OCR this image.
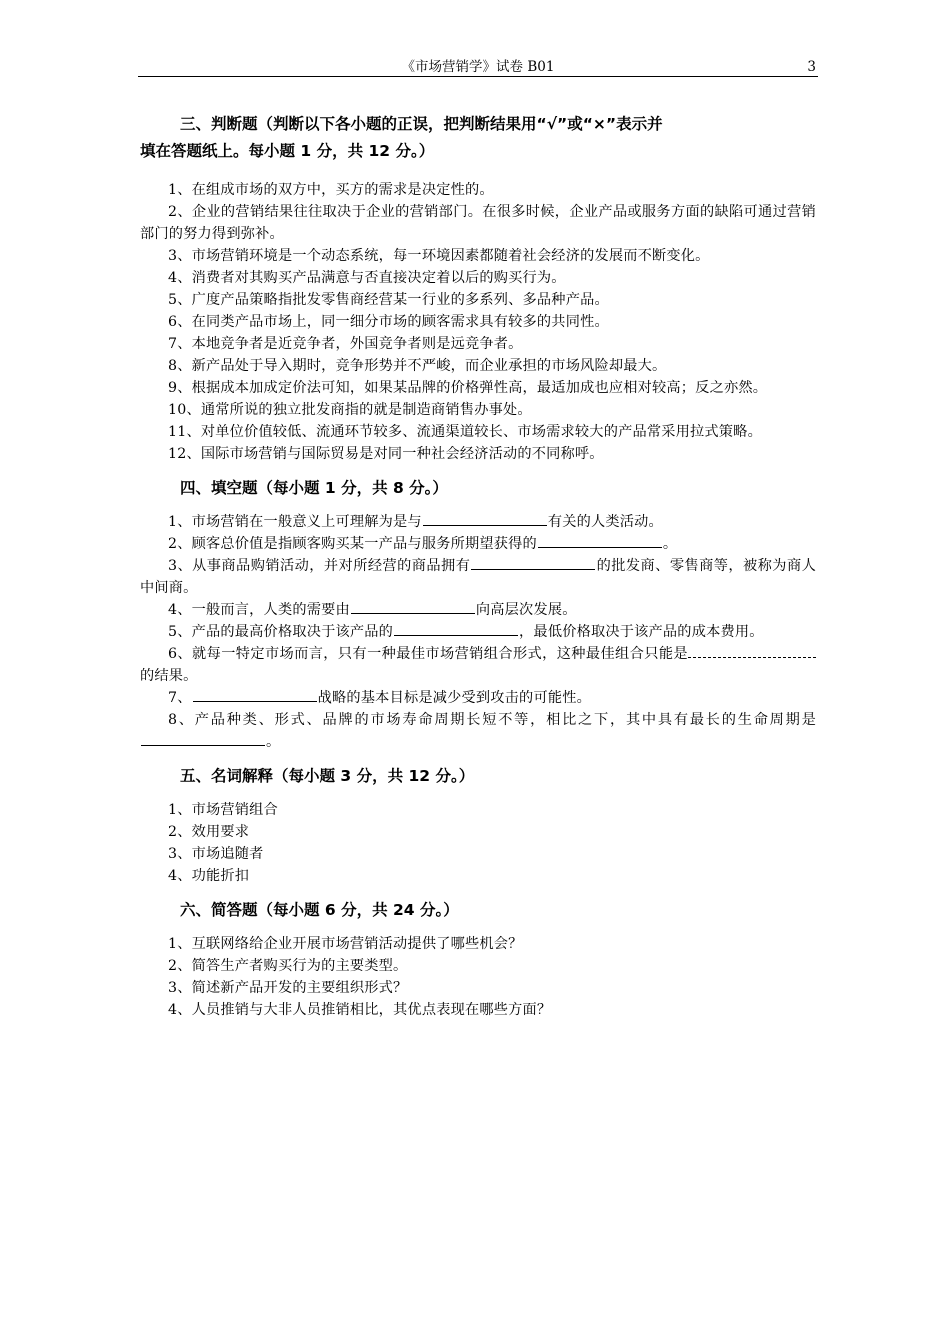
《市场营销学》试卷 B01	3

三、判断题（判断以下各小题的正误，把判断结果用“√”或“×”表示并

填在答题纸上。每小题 1 分，共 12 分。）

1、在组成市场的双方中，买方的需求是决定性的。

2、企业的营销结果往往取决于企业的营销部门。在很多时候，企业产品或服务方面的缺陷可通过营销部门的努力得到弥补。

3、市场营销环境是一个动态系统，每一环境因素都随着社会经济的发展而不断变化。

4、消费者对其购买产品满意与否直接决定着以后的购买行为。

5、广度产品策略指批发零售商经营某一行业的多系列、多品种产品。

6、在同类产品市场上，同一细分市场的顾客需求具有较多的共同性。

7、本地竞争者是近竞争者，外国竞争者则是远竞争者。

8、新产品处于导入期时，竞争形势并不严峻，而企业承担的市场风险却最大。

9、根据成本加成定价法可知，如果某品牌的价格弹性高，最适加成也应相对较高；反之亦然。

10、通常所说的独立批发商指的就是制造商销售办事处。

11、对单位价值较低、流通环节较多、流通渠道较长、市场需求较大的产品常采用拉式策略。

12、国际市场营销与国际贸易是对同一种社会经济活动的不同称呼。

四、填空题（每小题 1 分，共 8 分。）

1、市场营销在一般意义上可理解为是与	有关的人类活动。

2、顾客总价值是指顾客购买某一产品与服务所期望获得的	。

3、从事商品购销活动，并对所经营的商品拥有	的批发商、零售商等，被称为商人中间商。

4、一般而言，人类的需要由	向高层次发展。

5、产品的最高价格取决于该产品的	，最低价格取决于该产品的成本费用。

6、就每一特定市场而言，只有一种最佳市场营销组合形式，这种最佳组合只能是的结果。

7、	战略的基本目标是减少受到攻击的可能性。

8、产品种类、形式、品牌的市场寿命周期长短不等，相比之下，其中具有最长的生命周期是。

五、名词解释（每小题 3 分，共 12 分。）

1、市场营销组合

2、效用要求

3、市场追随者

4、功能折扣

六、简答题（每小题 6 分，共 24 分。）

1、互联网络给企业开展市场营销活动提供了哪些机会？

2、简答生产者购买行为的主要类型。

3、简述新产品开发的主要组织形式？

4、人员推销与大非人员推销相比，其优点表现在哪些方面？
